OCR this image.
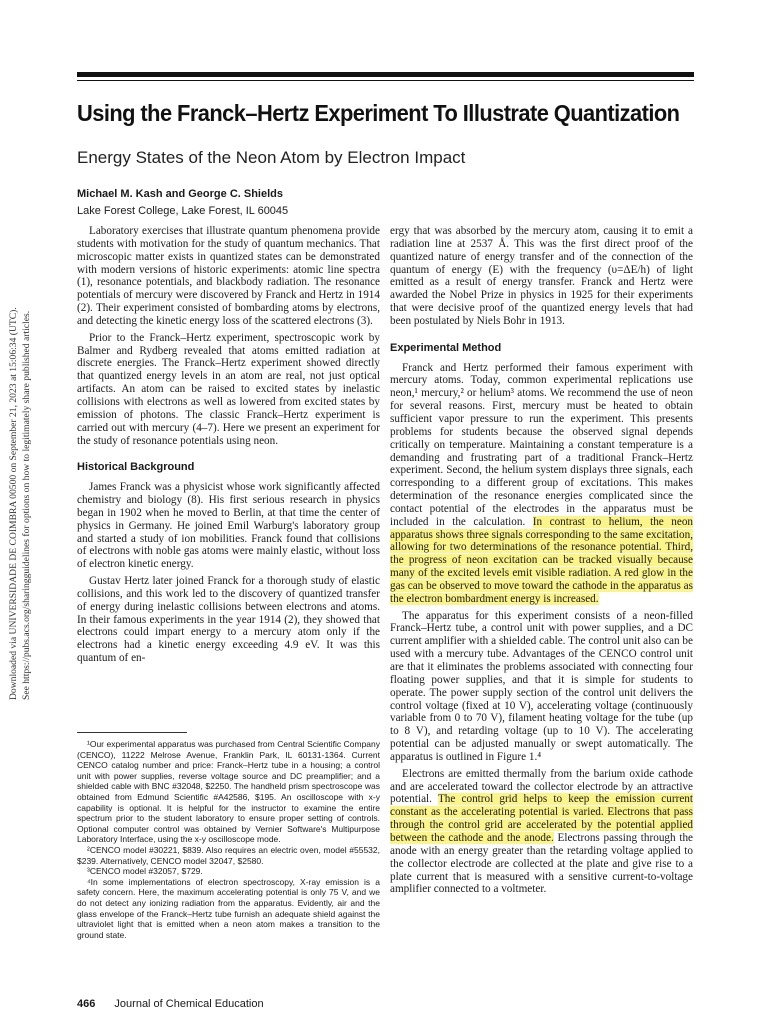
Downloaded via UNIVERSIDADE DE COIMBRA 00500 on September 21, 2023 at 15:06:34 (UTC). See https://pubs.acs.org/sharingguidelines for options on how to legitimately share published articles.
Using the Franck–Hertz Experiment To Illustrate Quantization
Energy States of the Neon Atom by Electron Impact
Michael M. Kash and George C. Shields
Lake Forest College, Lake Forest, IL 60045

Laboratory exercises that illustrate quantum phenomena provide students with motivation for the study of quantum mechanics. That microscopic matter exists in quantized states can be demonstrated with modern versions of historic experiments: atomic line spectra (1), resonance potentials, and blackbody radiation. The resonance potentials of mercury were discovered by Franck and Hertz in 1914 (2). Their experiment consisted of bombarding atoms by electrons, and detecting the kinetic energy loss of the scattered electrons (3).

Prior to the Franck–Hertz experiment, spectroscopic work by Balmer and Rydberg revealed that atoms emitted radiation at discrete energies. The Franck–Hertz experiment showed directly that quantized energy levels in an atom are real, not just optical artifacts. An atom can be raised to excited states by inelastic collisions with electrons as well as lowered from excited states by emission of photons. The classic Franck–Hertz experiment is carried out with mercury (4–7). Here we present an experiment for the study of resonance potentials using neon.

Historical Background

James Franck was a physicist whose work significantly affected chemistry and biology (8). His first serious research in physics began in 1902 when he moved to Berlin, at that time the center of physics in Germany. He joined Emil Warburg's laboratory group and started a study of ion mobilities. Franck found that collisions of electrons with noble gas atoms were mainly elastic, without loss of electron kinetic energy.

Gustav Hertz later joined Franck for a thorough study of elastic collisions, and this work led to the discovery of quantized transfer of energy during inelastic collisions between electrons and atoms. In their famous experiments in the year 1914 (2), they showed that electrons could impart energy to a mercury atom only if the electrons had a kinetic energy exceeding 4.9 eV. It was this quantum of en-

¹Our experimental apparatus was purchased from Central Scientific Company (CENCO), 11222 Melrose Avenue, Franklin Park, IL 60131-1364. Current CENCO catalog number and price: Franck–Hertz tube in a housing; a control unit with power supplies, reverse voltage source and DC preamplifier; and a shielded cable with BNC #32048, $2250. The handheld prism spectroscope was obtained from Edmund Scientific #A42586, $195. An oscilloscope with x-y capability is optional. It is helpful for the instructor to examine the entire spectrum prior to the student laboratory to ensure proper setting of controls. Optional computer control was obtained by Vernier Software's Multipurpose Laboratory Interface, using the x-y oscilloscope mode.

²CENCO model #30221, $839. Also requires an electric oven, model #55532, $239. Alternatively, CENCO model 32047, $2580.

³CENCO model #32057, $729.

⁴In some implementations of electron spectroscopy, X-ray emission is a safety concern. Here, the maximum accelerating potential is only 75 V, and we do not detect any ionizing radiation from the apparatus. Evidently, air and the glass envelope of the Franck–Hertz tube furnish an adequate shield against the ultraviolet light that is emitted when a neon atom makes a transition to the ground state.

ergy that was absorbed by the mercury atom, causing it to emit a radiation line at 2537 Å. This was the first direct proof of the quantized nature of energy transfer and of the connection of the quantum of energy (E) with the frequency (υ=ΔE/h) of light emitted as a result of energy transfer. Franck and Hertz were awarded the Nobel Prize in physics in 1925 for their experiments that were decisive proof of the quantized energy levels that had been postulated by Niels Bohr in 1913.

Experimental Method

Franck and Hertz performed their famous experiment with mercury atoms. Today, common experimental replications use neon,¹ mercury,² or helium³ atoms. We recommend the use of neon for several reasons. First, mercury must be heated to obtain sufficient vapor pressure to run the experiment. This presents problems for students because the observed signal depends critically on temperature. Maintaining a constant temperature is a demanding and frustrating part of a traditional Franck–Hertz experiment. Second, the helium system displays three signals, each corresponding to a different group of excitations. This makes determination of the resonance energies complicated since the contact potential of the electrodes in the apparatus must be included in the calculation. In contrast to helium, the neon apparatus shows three signals corresponding to the same excitation, allowing for two determinations of the resonance potential. Third, the progress of neon excitation can be tracked visually because many of the excited levels emit visible radiation. A red glow in the gas can be observed to move toward the cathode in the apparatus as the electron bombardment energy is increased.

The apparatus for this experiment consists of a neon-filled Franck–Hertz tube, a control unit with power supplies, and a DC current amplifier with a shielded cable. The control unit also can be used with a mercury tube. Advantages of the CENCO control unit are that it eliminates the problems associated with connecting four floating power supplies, and that it is simple for students to operate. The power supply section of the control unit delivers the control voltage (fixed at 10 V), accelerating voltage (continuously variable from 0 to 70 V), filament heating voltage for the tube (up to 8 V), and retarding voltage (up to 10 V). The accelerating potential can be adjusted manually or swept automatically. The apparatus is outlined in Figure 1.⁴

Electrons are emitted thermally from the barium oxide cathode and are accelerated toward the collector electrode by an attractive potential. The control grid helps to keep the emission current constant as the accelerating potential is varied. Electrons that pass through the control grid are accelerated by the potential applied between the cathode and the anode. Electrons passing through the anode with an energy greater than the retarding voltage applied to the collector electrode are collected at the plate and give rise to a plate current that is measured with a sensitive current-to-voltage amplifier connected to a voltmeter.

466 Journal of Chemical Education
